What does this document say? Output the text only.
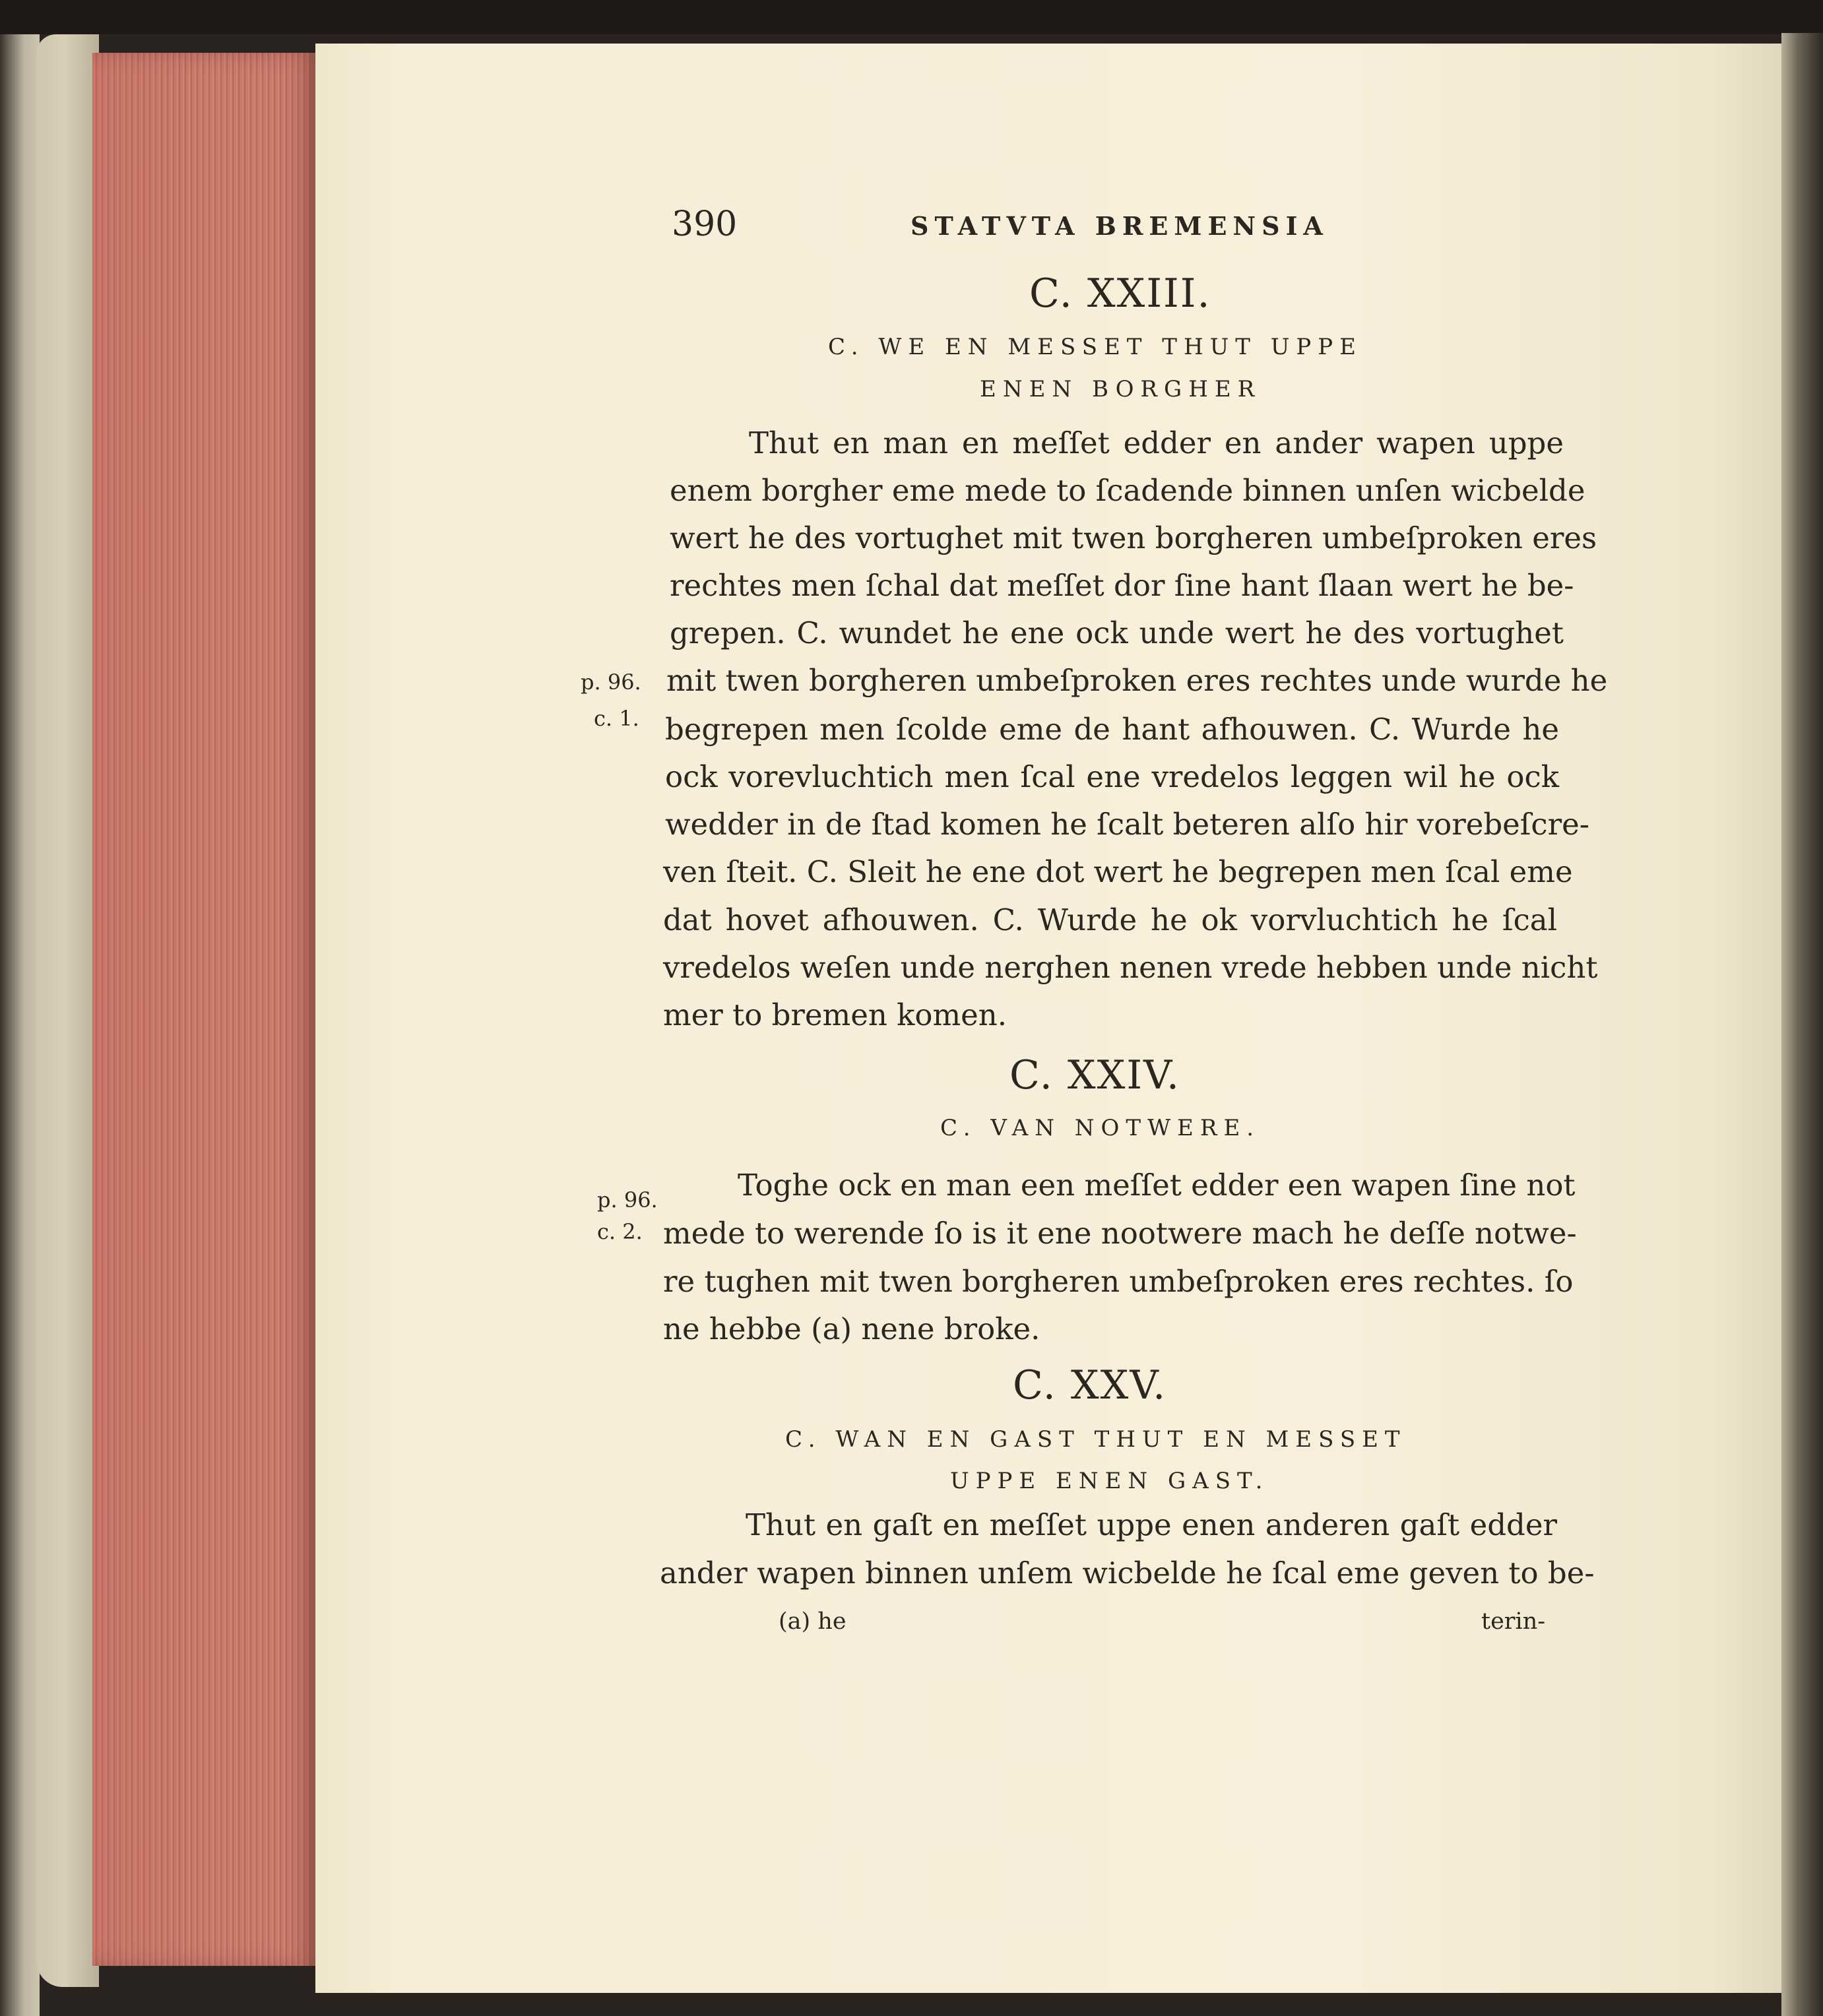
390	STATVTA BREMENSIA
C. XXIII.
C. WE EN MESSET THUT UPPE
ENEN BORGHER
p. 96.
c. 1.
Thut en man en meſſet edder en ander wapen uppe
enem borgher eme mede to ſcadende binnen unſen wicbelde
wert he des vortughet mit twen borgheren umbeſproken eres
rechtes men ſchal dat meſſet dor ſine hant ſlaan wert he be-
grepen. C. wundet he ene ock unde wert he des vortughet
mit twen borgheren umbeſproken eres rechtes unde wurde he
begrepen men ſcolde eme de hant afhouwen. C. Wurde he
ock vorevluchtich men ſcal ene vredelos leggen wil he ock
wedder in de ſtad komen he ſcalt beteren alſo hir vorebeſcre-
ven ſteit. C. Sleit he ene dot wert he begrepen men ſcal eme
dat hovet afhouwen. C. Wurde he ok vorvluchtich he ſcal
vredelos weſen unde nerghen nenen vrede hebben unde nicht
mer to bremen komen.
C. XXIV.
C. VAN NOTWERE.
p. 96.
c. 2.
Toghe ock en man een meſſet edder een wapen ſine not
mede to werende ſo is it ene nootwere mach he deſſe notwe-
re tughen mit twen borgheren umbeſproken eres rechtes. ſo
ne hebbe (a) nene broke.
C. XXV.
C. WAN EN GAST THUT EN MESSET
UPPE ENEN GAST.
Thut en gaſt en meſſet uppe enen anderen gaſt edder
ander wapen binnen unſem wicbelde he ſcal eme geven to be-
(a) he	terin-
